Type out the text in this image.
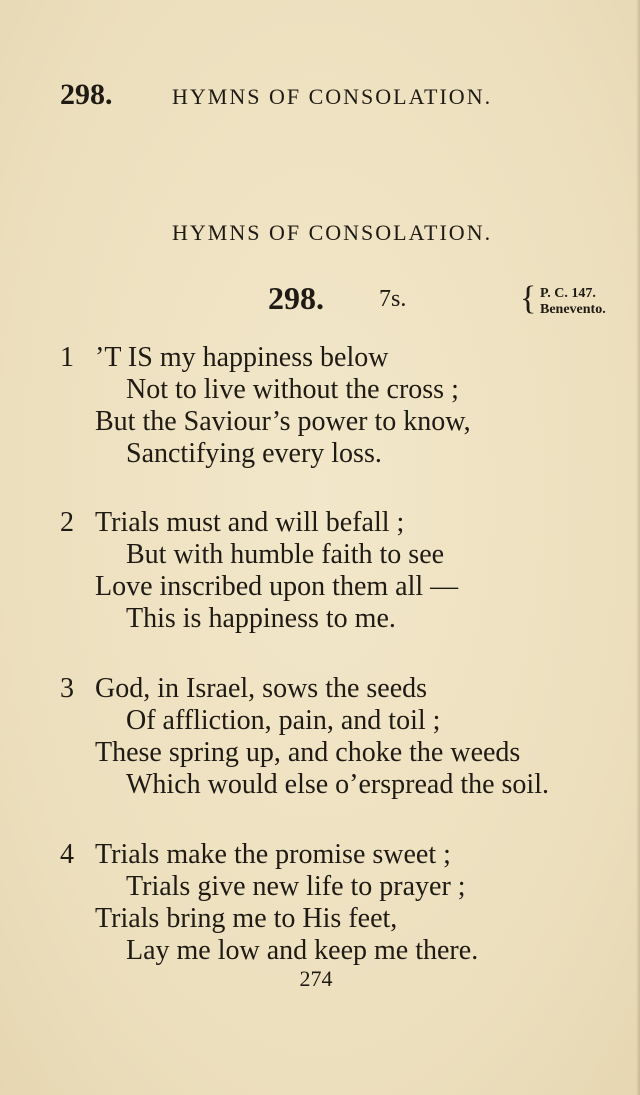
298.	HYMNS OF CONSOLATION.
HYMNS OF CONSOLATION.
298. 7s.	{ P. C. 147.
Benevento.
1 ’T IS my happiness below
Not to live without the cross ;
But the Saviour’s power to know,
Sanctifying every loss.
2 Trials must and will befall ;
But with humble faith to see
Love inscribed upon them all —
This is happiness to me.
3 God, in Israel, sows the seeds
Of affliction, pain, and toil ;
These spring up, and choke the weeds
Which would else o’erspread the soil.
4 Trials make the promise sweet ;
Trials give new life to prayer ;
Trials bring me to His feet,
Lay me low and keep me there.
274
